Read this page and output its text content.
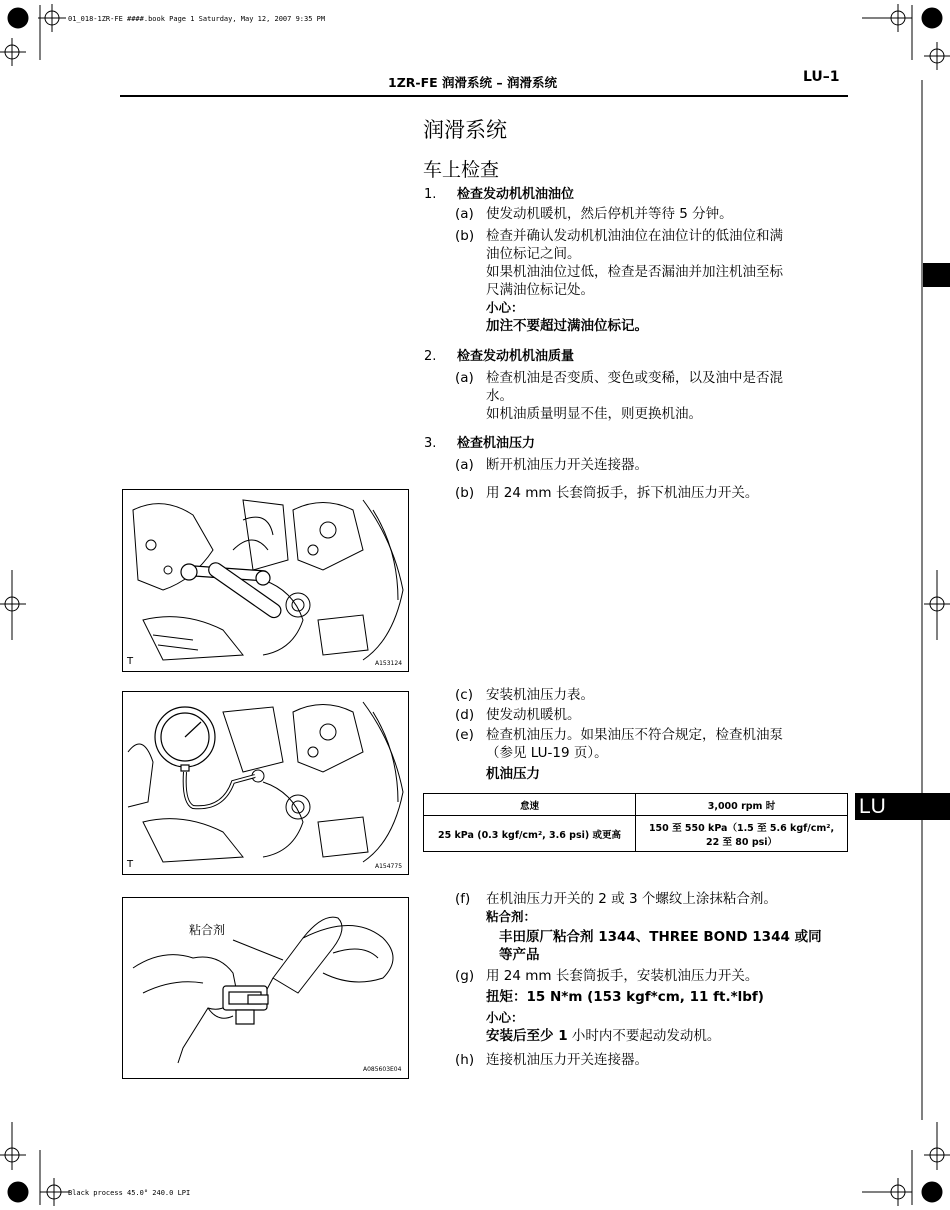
01_018-1ZR-FE ####.book Page 1 Saturday, May 12, 2007 9:35 PM
Black process 45.0° 240.0 LPI
LU
1ZR-FE 润滑系统 – 润滑系统	LU–1
润滑系统
车上检查
1. 检查发动机机油油位
(a) 使发动机暖机，然后停机并等待 5 分钟。
(b) 检查并确认发动机机油油位在油位计的低油位和满
油位标记之间。
如果机油油位过低，检查是否漏油并加注机油至标
尺满油位标记处。
小心：
加注不要超过满油位标记。
2. 检查发动机机油质量
(a) 检查机油是否变质、变色或变稀，以及油中是否混
水。
如机油质量明显不佳，则更换机油。
3. 检查机油压力
(a) 断开机油压力开关连接器。
(b) 用 24 mm 长套筒扳手，拆下机油压力开关。
(c) 安装机油压力表。
(d) 使发动机暖机。
(e) 检查机油压力。如果油压不符合规定，检查机油泵
（参见 LU-19 页）。
机油压力
怠速	3,000 rpm 时
25 kPa (0.3 kgf/cm², 3.6 psi) 或更高	150 至 550 kPa（1.5 至 5.6 kgf/cm²,
22 至 80 psi）
(f) 在机油压力开关的 2 或 3 个螺纹上涂抹粘合剂。
粘合剂：
丰田原厂粘合剂 1344、THREE BOND 1344 或同
等产品
(g) 用 24 mm 长套筒扳手，安装机油压力开关。
扭矩：15 N*m (153 kgf*cm, 11 ft.*lbf)
小心：
安装后至少 1 小时内不要起动发动机。
(h) 连接机油压力开关连接器。
T	A153124
T	A154775
粘合剂
A085603E04
